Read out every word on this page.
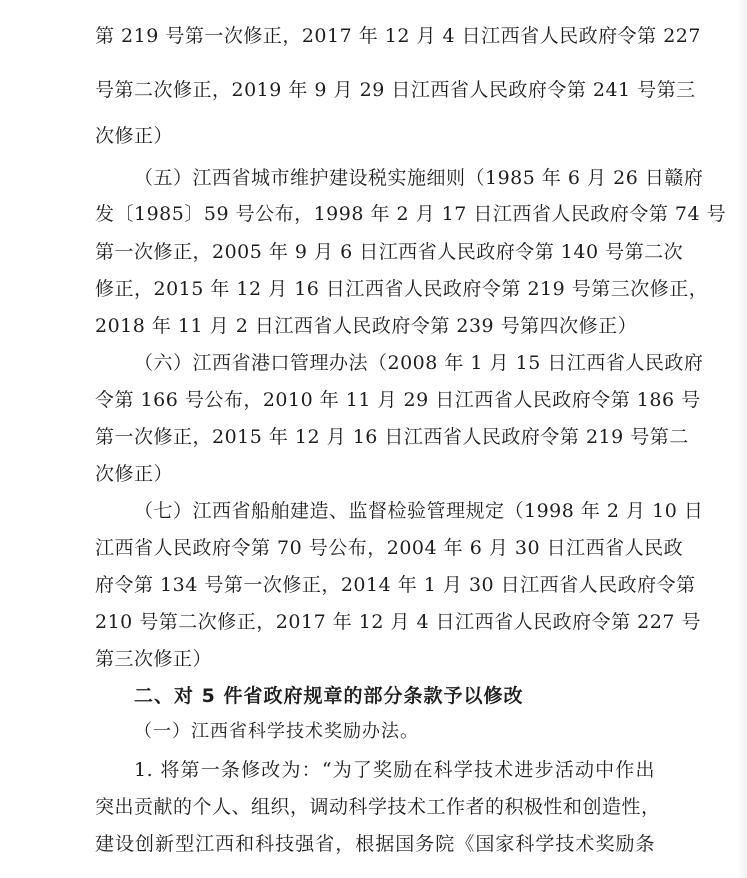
第 219 号第一次修正，2017 年 12 月 4 日江西省人民政府令第 227
号第二次修正，2019 年 9 月 29 日江西省人民政府令第 241 号第三
次修正）
（五）江西省城市维护建设税实施细则（1985 年 6 月 26 日赣府
发〔1985〕59 号公布，1998 年 2 月 17 日江西省人民政府令第 74 号
第一次修正，2005 年 9 月 6 日江西省人民政府令第 140 号第二次
修正，2015 年 12 月 16 日江西省人民政府令第 219 号第三次修正，
2018 年 11 月 2 日江西省人民政府令第 239 号第四次修正）
（六）江西省港口管理办法（2008 年 1 月 15 日江西省人民政府
令第 166 号公布，2010 年 11 月 29 日江西省人民政府令第 186 号
第一次修正，2015 年 12 月 16 日江西省人民政府令第 219 号第二
次修正）
（七）江西省船舶建造、监督检验管理规定（1998 年 2 月 10 日
江西省人民政府令第 70 号公布，2004 年 6 月 30 日江西省人民政
府令第 134 号第一次修正，2014 年 1 月 30 日江西省人民政府令第
210 号第二次修正，2017 年 12 月 4 日江西省人民政府令第 227 号
第三次修正）
二、对 5 件省政府规章的部分条款予以修改
（一）江西省科学技术奖励办法。
1. 将第一条修改为：“为了奖励在科学技术进步活动中作出
突出贡献的个人、组织，调动科学技术工作者的积极性和创造性，
建设创新型江西和科技强省，根据国务院《国家科学技术奖励条
